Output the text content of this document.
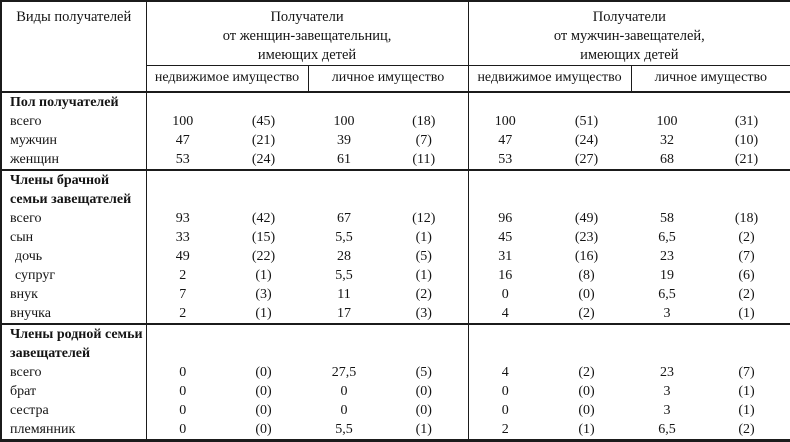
Виды получателей	Получатели
от женщин-завещательниц,
имеющих детей

Получатели
от мужчин-завещателей,
имеющих детей

	недвижимое имущество		личное имущество		недвижимое имущество		личное имущество	

Пол получателей								

всего	100	(45)	100	(18)	100	(51)	100	(31)
мужчин	47	(21)	39	(7)	47	(24)	32	(10)
женщин	53	(24)	61	(11)	53	(27)	68	(21)

Члены брачной
семьи завещателей								

всего	93	(42)	67	(12)	96	(49)	58	(18)
сын	33	(15)	5,5	(1)	45	(23)	6,5	(2)
дочь	49	(22)	28	(5)	31	(16)	23	(7)
супруг	2	(1)	5,5	(1)	16	(8)	19	(6)
внук	7	(3)	11	(2)	0	(0)	6,5	(2)
внучка	2	(1)	17	(3)	4	(2)	3	(1)

Члены родной семьи
завещателей								

всего	0	(0)	27,5	(5)	4	(2)	23	(7)
брат	0	(0)	0	(0)	0	(0)	3	(1)
сестра	0	(0)	0	(0)	0	(0)	3	(1)
племянник	0	(0)	5,5	(1)	2	(1)	6,5	(2)
